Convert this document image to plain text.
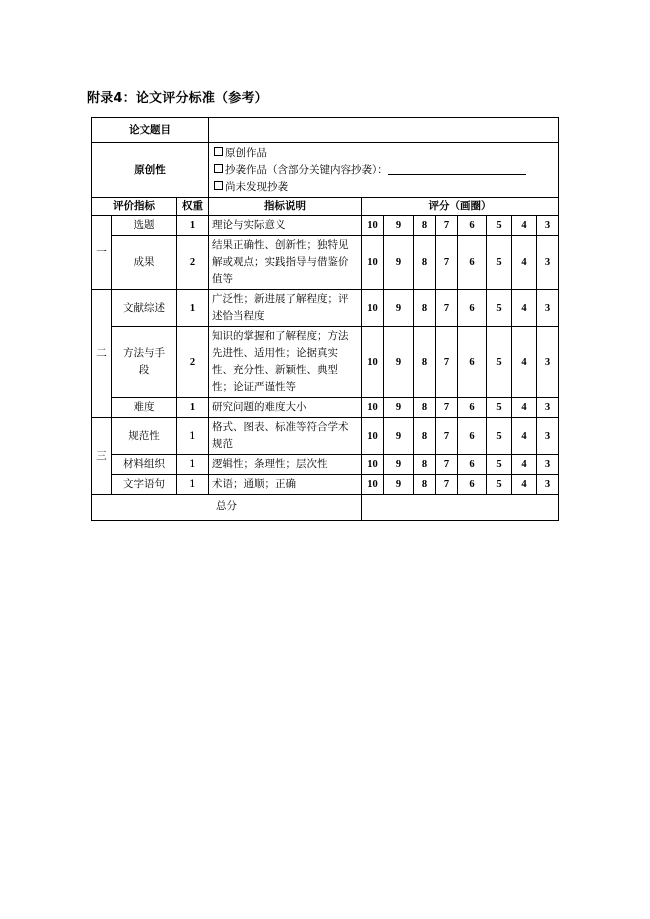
附录4：论文评分标准（参考）
论文题目											
原创性			原创作品
抄袭作品（含部分关键内容抄袭）：
尚未发现抄袭								

评价指标		权重	指标说明	评分（画圈）							
一	选题	1	理论与实际意义	10	9	8	7	6	5	4	3
	成果	2	结果正确性、创新性；独特见解或观点；实践指导与借鉴价值等	10	9	8	7	6	5	4	3
二	文献综述	1	广泛性；新进展了解程度；评述恰当程度	10	9	8	7	6	5	4	3
	方法与手段	2	知识的掌握和了解程度；方法先进性、适用性；论据真实性、充分性、新颖性、典型性；论证严谨性等	10	9	8	7	6	5	4	3
	难度	1	研究问题的难度大小	10	9	8	7	6	5	4	3
三	规范性	1	格式、图表、标准等符合学术规范	10	9	8	7	6	5	4	3
	材料组织	1	逻辑性；条理性；层次性	10	9	8	7	6	5	4	3
	文字语句	1	术语；通顺；正确	10	9	8	7	6	5	4	3
总分											
